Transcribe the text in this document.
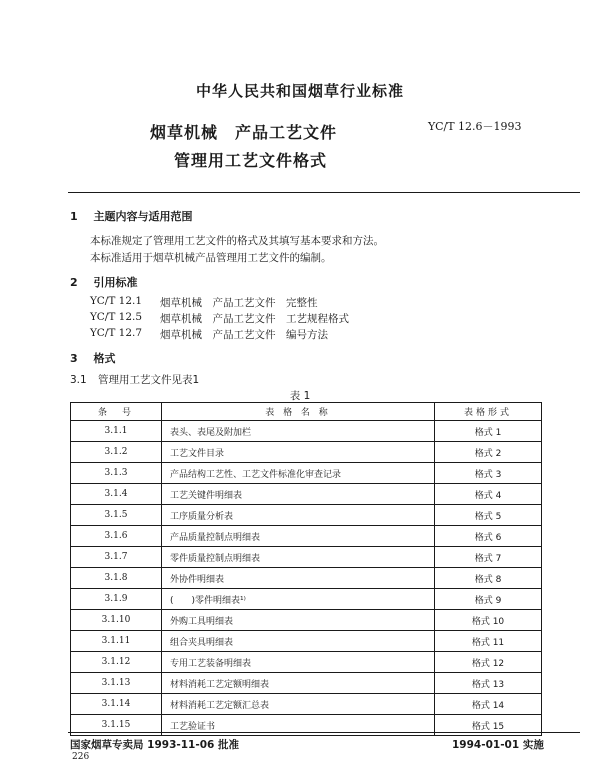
中华人民共和国烟草行业标准
烟草机械　产品工艺文件
管理用工艺文件格式
YC/T 12.6－1993
1 主题内容与适用范围
本标准规定了管理用工艺文件的格式及其填写基本要求和方法。
本标准适用于烟草机械产品管理用工艺文件的编制。
2 引用标准
YC/T 12.1 烟草机械　产品工艺文件　完整性
YC/T 12.5 烟草机械　产品工艺文件　工艺规程格式
YC/T 12.7 烟草机械　产品工艺文件　编号方法
3 格式
3.1 管理用工艺文件见表1
表 1
条　号	表 格 名 称	表格形式
3.1.1	表头、表尾及附加栏	格式 1
3.1.2	工艺文件目录	格式 2
3.1.3	产品结构工艺性、工艺文件标准化审查记录	格式 3
3.1.4	工艺关键件明细表	格式 4
3.1.5	工序质量分析表	格式 5
3.1.6	产品质量控制点明细表	格式 6
3.1.7	零件质量控制点明细表	格式 7
3.1.8	外协件明细表	格式 8
3.1.9	(　　)零件明细表¹⁾	格式 9
3.1.10	外购工具明细表	格式 10
3.1.11	组合夹具明细表	格式 11
3.1.12	专用工艺装备明细表	格式 12
3.1.13	材料消耗工艺定额明细表	格式 13
3.1.14	材料消耗工艺定额汇总表	格式 14
3.1.15	工艺验证书	格式 15
国家烟草专卖局 1993-11-06 批准	1994-01-01 实施
226
